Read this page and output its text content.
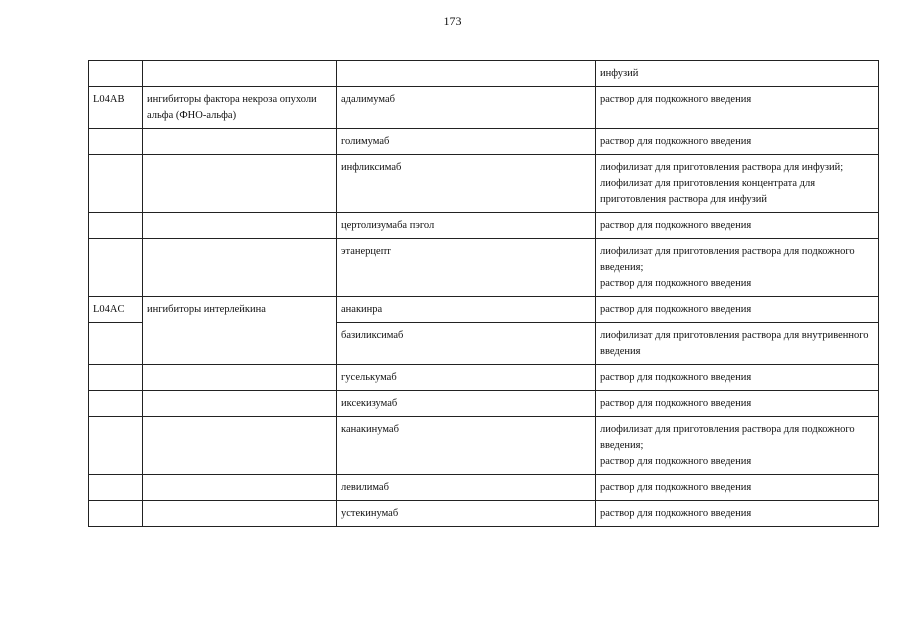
173

			инфузий

L04AB	ингибиторы фактора некроза опухоли альфа (ФНО-альфа)	адалимумаб	раствор для подкожного введения

		голимумаб	раствор для подкожного введения

		инфликсимаб	лиофилизат для приготовления раствора для инфузий;
лиофилизат для приготовления концентрата для приготовления раствора для инфузий

		цертолизумаба пэгол	раствор для подкожного введения

		этанерцепт	лиофилизат для приготовления раствора для подкожного введения;
раствор для подкожного введения

L04AC	ингибиторы интерлейкина	анакинра	раствор для подкожного введения

		базиликсимаб	лиофилизат для приготовления раствора для внутривенного введения

		гуселькумаб	раствор для подкожного введения

		иксекизумаб	раствор для подкожного введения

		канакинумаб	лиофилизат для приготовления раствора для подкожного введения;
раствор для подкожного введения

		левилимаб	раствор для подкожного введения

		устекинумаб	раствор для подкожного введения
